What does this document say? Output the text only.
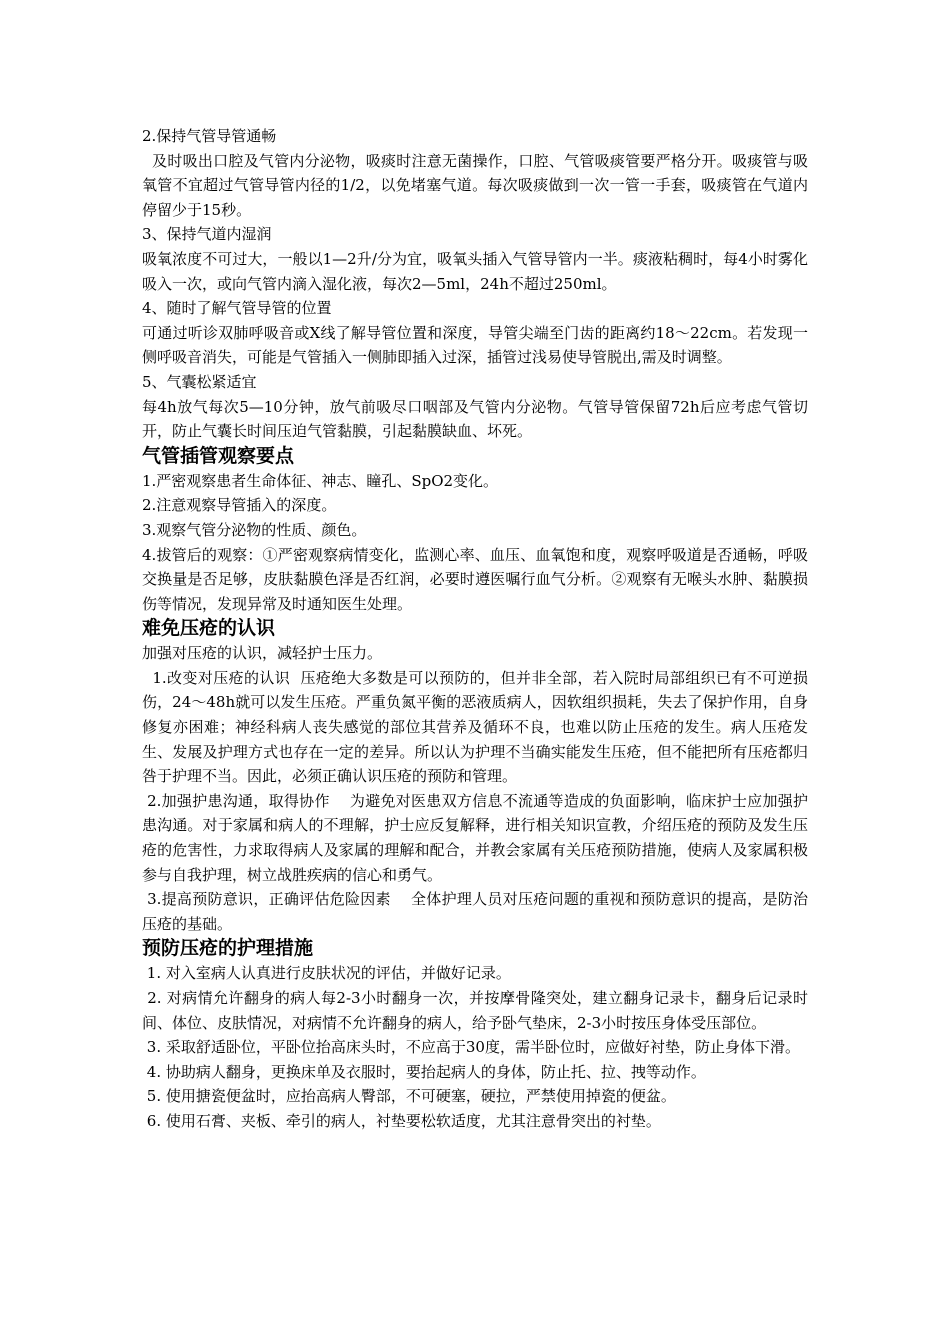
2.保持气管导管通畅

及时吸出口腔及气管内分泌物，吸痰时注意无菌操作，口腔、气管吸痰管要严格分开。吸痰管与吸氧管不宜超过气管导管内径的1/2，以免堵塞气道。每次吸痰做到一次一管一手套，吸痰管在气道内停留少于15秒。

3、保持气道内湿润

吸氧浓度不可过大，一般以1—2升/分为宜，吸氧头插入气管导管内一半。痰液粘稠时，每4小时雾化吸入一次，或向气管内滴入湿化液，每次2—5ml，24h不超过250ml。

4、随时了解气管导管的位置

可通过听诊双肺呼吸音或X线了解导管位置和深度，导管尖端至门齿的距离约18～22cm。若发现一侧呼吸音消失，可能是气管插入一侧肺即插入过深，插管过浅易使导管脱出,需及时调整。

5、气囊松紧适宜

每4h放气每次5—10分钟，放气前吸尽口咽部及气管内分泌物。气管导管保留72h后应考虑气管切开，防止气囊长时间压迫气管黏膜，引起黏膜缺血、坏死。

气管插管观察要点

1.严密观察患者生命体征、神志、瞳孔、SpO2变化。

2.注意观察导管插入的深度。

3.观察气管分泌物的性质、颜色。

4.拔管后的观察：①严密观察病情变化，监测心率、血压、血氧饱和度，观察呼吸道是否通畅，呼吸交换量是否足够，皮肤黏膜色泽是否红润，必要时遵医嘱行血气分析。②观察有无喉头水肿、黏膜损伤等情况，发现异常及时通知医生处理。

难免压疮的认识

加强对压疮的认识，减轻护士压力。

1.改变对压疮的认识  压疮绝大多数是可以预防的，但并非全部，若入院时局部组织已有不可逆损伤，24～48h就可以发生压疮。严重负氮平衡的恶液质病人，因软组织损耗，失去了保护作用，自身修复亦困难；神经科病人丧失感觉的部位其营养及循环不良，也难以防止压疮的发生。病人压疮发生、发展及护理方式也存在一定的差异。所以认为护理不当确实能发生压疮，但不能把所有压疮都归咎于护理不当。因此，必须正确认识压疮的预防和管理。

2.加强护患沟通，取得协作    为避免对医患双方信息不流通等造成的负面影响，临床护士应加强护患沟通。对于家属和病人的不理解，护士应反复解释，进行相关知识宣教，介绍压疮的预防及发生压疮的危害性，力求取得病人及家属的理解和配合，并教会家属有关压疮预防措施，使病人及家属积极参与自我护理，树立战胜疾病的信心和勇气。

3.提高预防意识，正确评估危险因素    全体护理人员对压疮问题的重视和预防意识的提高，是防治压疮的基础。

预防压疮的护理措施

1. 对入室病人认真进行皮肤状况的评估，并做好记录。

2. 对病情允许翻身的病人每2-3小时翻身一次，并按摩骨隆突处，建立翻身记录卡，翻身后记录时间、体位、皮肤情况，对病情不允许翻身的病人，给予卧气垫床，2-3小时按压身体受压部位。

3. 采取舒适卧位，平卧位抬高床头时，不应高于30度，需半卧位时，应做好衬垫，防止身体下滑。

4. 协助病人翻身，更换床单及衣服时，要抬起病人的身体，防止托、拉、拽等动作。

5. 使用搪瓷便盆时，应抬高病人臀部，不可硬塞，硬拉，严禁使用掉瓷的便盆。

6. 使用石膏、夹板、牵引的病人，衬垫要松软适度，尤其注意骨突出的衬垫。
